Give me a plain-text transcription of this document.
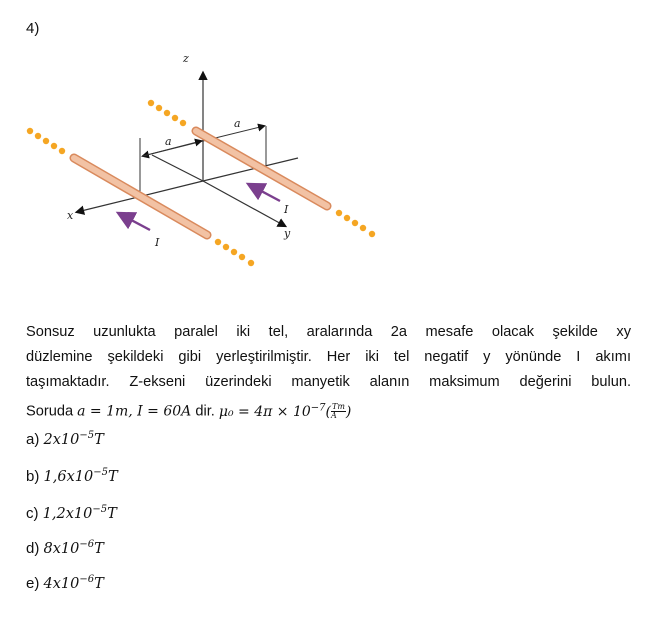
4)
z
x
y
a
a
I
I
Sonsuz uzunlukta paralel iki tel, aralarında 2a mesafe olacak şekilde xy
düzlemine şekildeki gibi yerleştirilmiştir. Her iki tel negatif y yönünde I akımı
taşımaktadır. Z-ekseni üzerindeki manyetik alanın maksimum değerini bulun.
Soruda a = 1m, I = 60A dir. $\mu_0 = 4\pi \times 10^{-7}( \frac{Tm}{A}$ )
a) $2x10^{-5}T$
b) $1,6x10^{-5}T$
c) $1,2x10^{-5}T$
d) $8x10^{-6}T$
e) $4x10^{-6}T$
